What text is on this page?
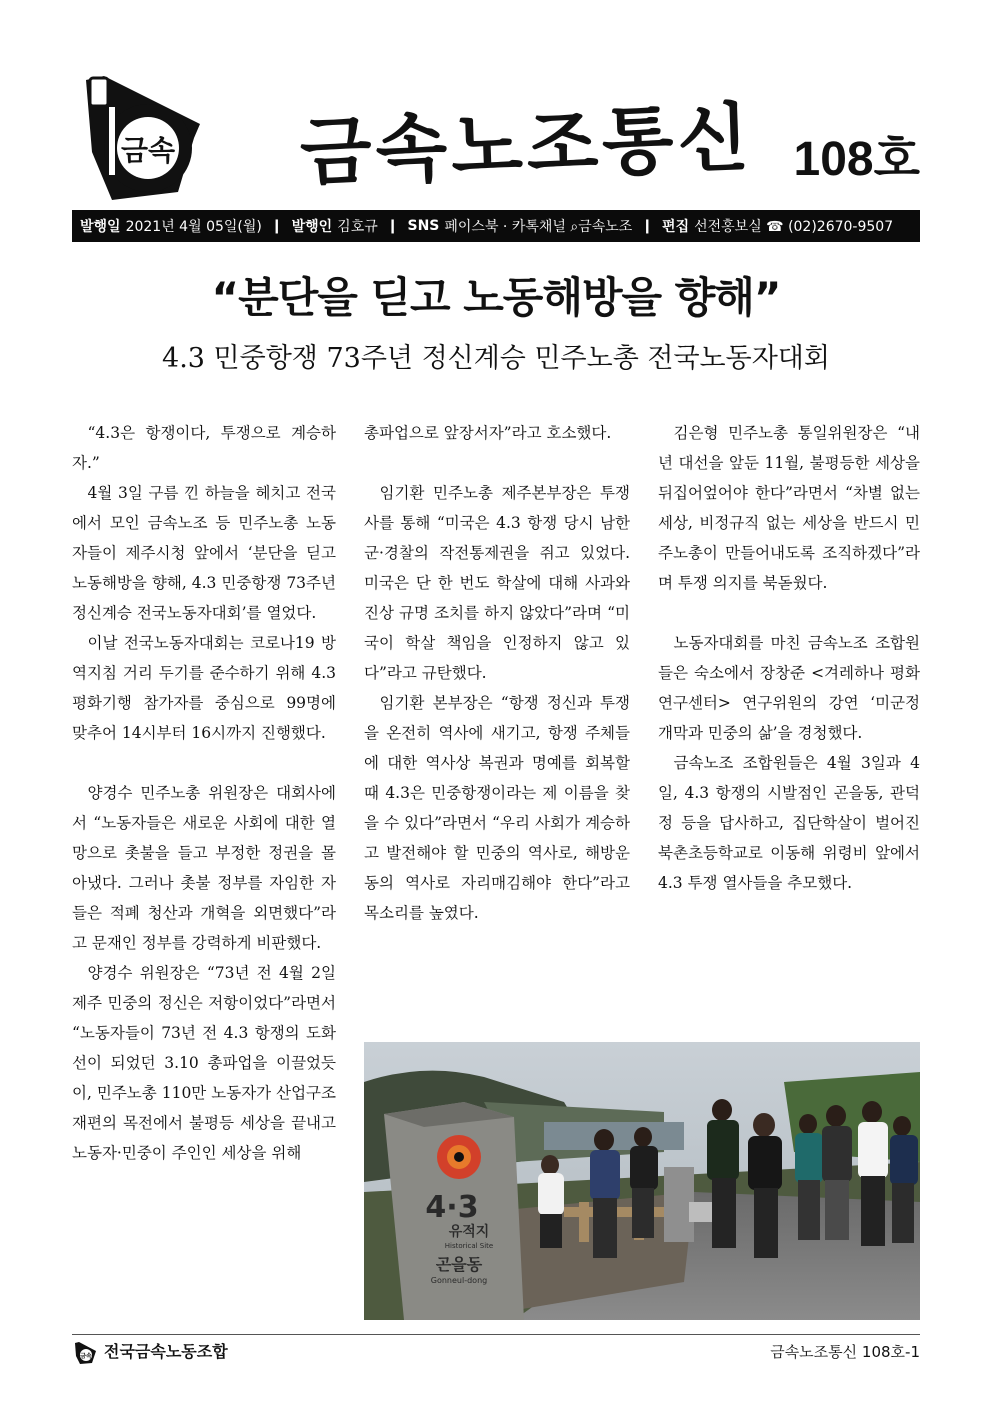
금속 금속노조통신 108호
발행일 2021년 4월 05일(월) ❙ 발행인 김호규 ❙ SNS 페이스북 · 카톡채널 ⌕금속노조 ❙ 편집 선전홍보실 ☎ (02)2670-9507
“분단을 딛고 노동해방을 향해”
4.3 민중항쟁 73주년 정신계승 민주노총 전국노동자대회

“4.3은 항쟁이다, 투쟁으로 계승하자.”

4월 3일 구름 낀 하늘을 헤치고 전국에서 모인 금속노조 등 민주노총 노동자들이 제주시청 앞에서 ‘분단을 딛고 노동해방을 향해, 4.3 민중항쟁 73주년 정신계승 전국노동자대회’를 열었다.

이날 전국노동자대회는 코로나19 방역지침 거리 두기를 준수하기 위해 4.3 평화기행 참가자를 중심으로 99명에 맞추어 14시부터 16시까지 진행했다.

양경수 민주노총 위원장은 대회사에서 “노동자들은 새로운 사회에 대한 열망으로 촛불을 들고 부정한 정권을 몰아냈다. 그러나 촛불 정부를 자임한 자들은 적폐 청산과 개혁을 외면했다”라고 문재인 정부를 강력하게 비판했다.

양경수 위원장은 “73년 전 4월 2일 제주 민중의 정신은 저항이었다”라면서 “노동자들이 73년 전 4.3 항쟁의 도화선이 되었던 3.10 총파업을 이끌었듯이, 민주노총 110만 노동자가 산업구조 재편의 목전에서 불평등 세상을 끝내고 노동자·민중이 주인인 세상을 위해

총파업으로 앞장서자”라고 호소했다.

임기환 민주노총 제주본부장은 투쟁사를 통해 “미국은 4.3 항쟁 당시 남한 군·경찰의 작전통제권을 쥐고 있었다. 미국은 단 한 번도 학살에 대해 사과와 진상 규명 조치를 하지 않았다”라며 “미국이 학살 책임을 인정하지 않고 있다”라고 규탄했다.

임기환 본부장은 “항쟁 정신과 투쟁을 온전히 역사에 새기고, 항쟁 주체들에 대한 역사상 복권과 명예를 회복할 때 4.3은 민중항쟁이라는 제 이름을 찾을 수 있다”라면서 “우리 사회가 계승하고 발전해야 할 민중의 역사로, 해방운동의 역사로 자리매김해야 한다”라고 목소리를 높였다.

김은형 민주노총 통일위원장은 “내년 대선을 앞둔 11월, 불평등한 세상을 뒤집어엎어야 한다”라면서 “차별 없는 세상, 비정규직 없는 세상을 반드시 민주노총이 만들어내도록 조직하겠다”라며 투쟁 의지를 북돋웠다.

노동자대회를 마친 금속노조 조합원들은 숙소에서 장창준 <겨레하나 평화연구센터> 연구위원의 강연 ‘미군정 개막과 민중의 삶’을 경청했다.

금속노조 조합원들은 4월 3일과 4일, 4.3 항쟁의 시발점인 곤을동, 관덕정 등을 답사하고, 집단학살이 벌어진 북촌초등학교로 이동해 위령비 앞에서 4.3 투쟁 열사들을 추모했다.

4·3
유적지
Historical Site
곤을동
Gonneul-dong
금속 전국금속노동조합	금속노조통신 108호-1
